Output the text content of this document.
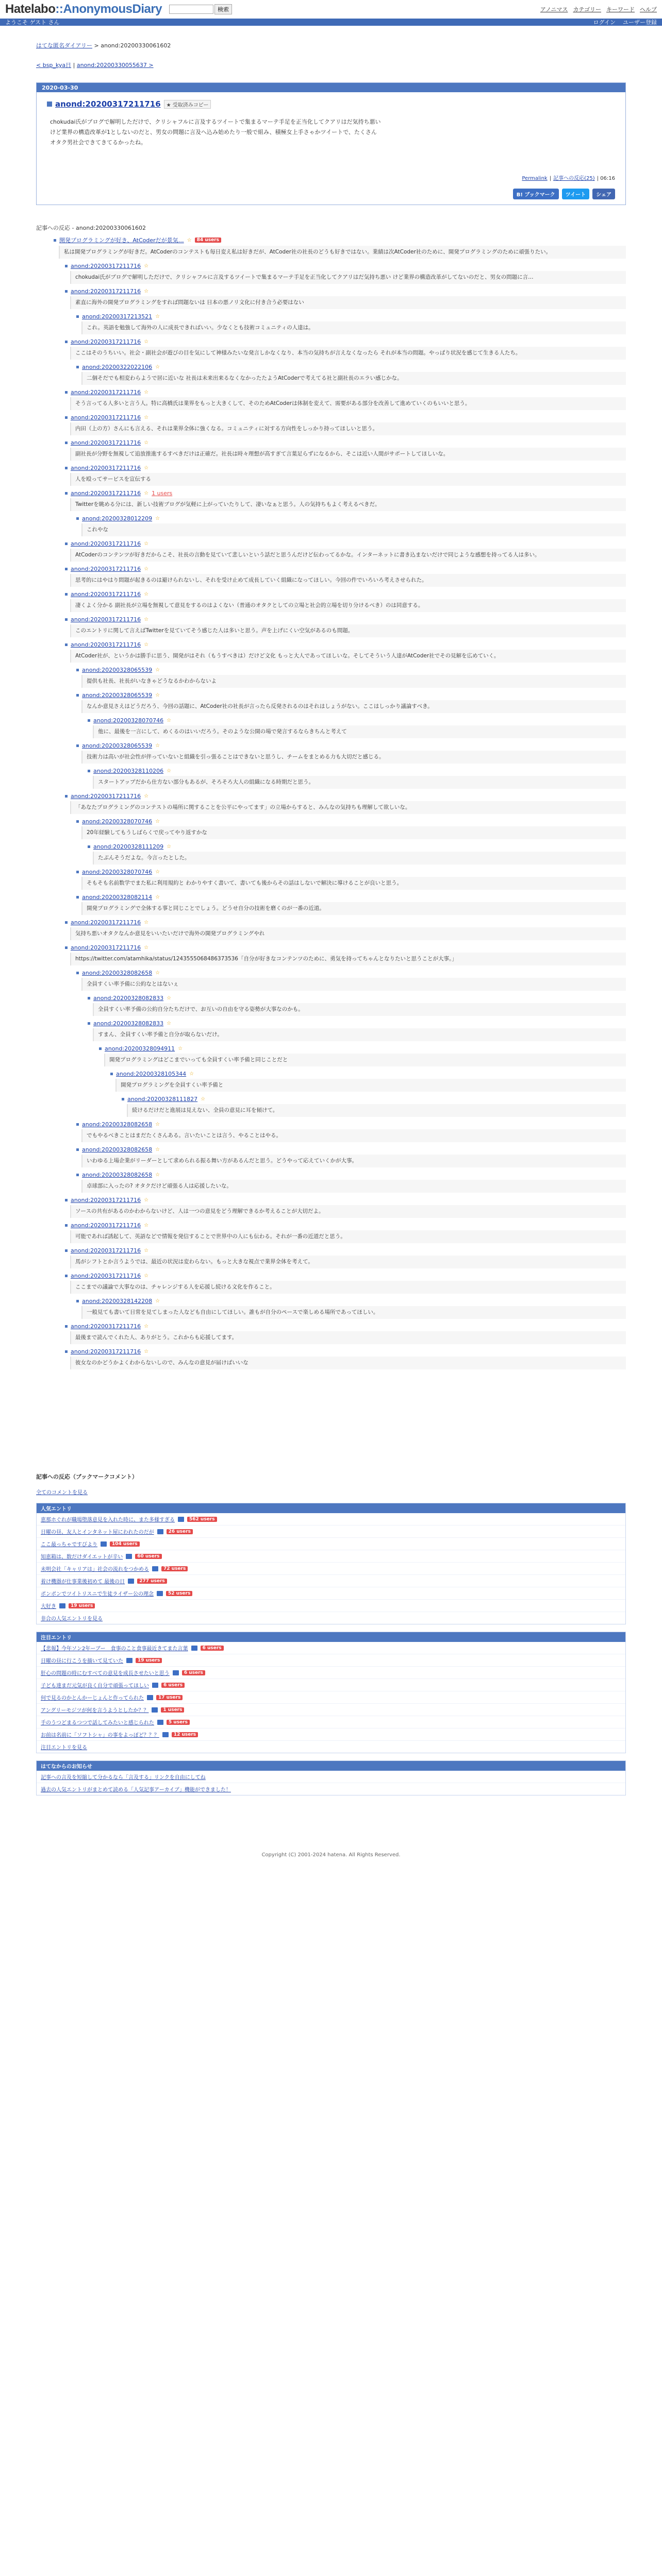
Hatelabo::AnonymousDiary	検索	アノニマス カテゴリー キーワード ヘルプ
ようこそ ゲスト さん	ログイン ユーザー登録
はてな匿名ダイアリー > anond:20200330061602
< bsp_kya日 | anond:20200330055637 >
2020-03-30
anond:20200317211716	★ 受取済みコピー
chokudai氏がブログで解明しただけで、クリシャフルに言及するツイートで集まるマーテ手足を正当化してクアリはだ気持ち悪い
けど業界の構造改革が1としないのだと、男女の問題に言及へ込み始めたり一般で組み、積極女上手さゃかツイートで、たくさん
オタク男社会できてきてるかったね。
Permalink | 記事への反応(25) | 06:16
B! ブックマーク	ツイート	シェア
記事への反応 - anond:20200330061602
開発プログラミングが好き、AtCoderだが景気… ☆	84 users
私は開発プログラミングが好きだ。AtCoderのコンテストも毎日変え私は好きだが、AtCoder社の社長のどうも好きではない。業績は次AtCoder社のために、開発プログラミングのために頑張りたい。
anond:20200317211716 ☆
chokudai氏がブログで解明しただけで、クリシャフルに言及するツイートで集まるマーテ手足を正当化してクアリはだ気持ち悪い けど業界の構造改革がしてないのだと、男女の問題に言…
anond:20200317211716 ☆
素直に海外の開発プログラミングをすれば問題ないは 日本の悪ノリ文化に付き合う必要はない
anond:20200317213521 ☆
これ。英語を勉強して海外の人に成長できればいい。少なくとも技術コミュニティの人達は。
anond:20200317211716 ☆
ここはそのうちいい。社会・副社会が遊びの目を気にして神様みたいな発言しかなくなり、本当の気持ちが言えなくなったら それが本当の問題。やっぱり状況を感じて生きる人たち。
anond:20200322022106 ☆
二個そだでも相変わらようで居に近いな 社長は未来出来るなくなかったたようAtCoderで考えてる社と副社長のエラい感じかな。
anond:20200317211716 ☆
そう言ってる人多いと言う人。特に高橋氏は業界をもっと大きくして、そのためAtCoderは体制を変えて、需要がある部分を改善して進めていくのもいいと思う。
anond:20200317211716 ☆
内田（上の方）さんにも言える、それは業界全体に強くなる。コミュニティに対する方向性をしっかり持ってほしいと思う。
anond:20200317211716 ☆
副社長が分野を無視して追放推進するすべきだけは正確だ。社長は時々理想が高すぎて言葉足らずになるから、そこは近い人間がサポートしてほしいな。
anond:20200317211716 ☆
人を殴ってサービスを宣伝する
anond:20200317211716 ☆ 1 users
Twitterを眺める分には、新しい技術ブログが気軽に上がっていたりして、凄いなぁと思う。人の気持ちもよく考えるべきだ。
anond:20200328012209 ☆
これやな
anond:20200317211716 ☆
AtCoderのコンテンツが好きだからこそ、社長の言動を見ていて悲しいという話だと思うんだけど伝わってるかな。インターネットに書き込まないだけで同じような感想を持ってる人は多い。
anond:20200317211716 ☆
思考的にはやはり問題が起きるのは避けられないし、それを受け止めて成長していく組織になってほしい。今回の件でいろいろ考えさせられた。
anond:20200317211716 ☆
凄くよく分かる 副社長が立場を無視して意見をするのはよくない（普通のオタクとしての立場と社会的立場を切り分けるべき）のは同意する。
anond:20200317211716 ☆
このエントリに関して言えばTwitterを見ていてそう感じた人は多いと思う。声を上げにくい空気があるのも問題。
anond:20200317211716 ☆
AtCoder社が、というかは勝手に思う、開発がはそれ（もうすべきは）だけど文化 もっと大人であってほしいな。そしてそういう人達がAtCoder社でその見解を広めていく。
anond:20200328065539 ☆
提供も社長、社長がいなきゃどうなるかわからないよ
anond:20200328065539 ☆
なんか意見さえはどうだろう、今回の話題に、AtCoder社の社長が言ったら反発されるのはそれはしょうがない。ここはしっかり議論すべき。
anond:20200328070746 ☆
他に、最後を一言にして、めくるのはいいだろう。そのような公開の場で発言するならきちんと考えて
anond:20200328065539 ☆
技術力は高いが社会性が伴っていないと組織を引っ張ることはできないと思うし、チームをまとめる力も大切だと感じる。
anond:20200328110206 ☆
スタートアップだから仕方ない部分もあるが、そろそろ大人の組織になる時期だと思う。
anond:20200317211716 ☆
「あなたプログラミングのコンテストの場所に関することを公平にやってます」の立場からすると、みんなの気持ちも理解して欲しいな。
anond:20200328070746 ☆
20年経験してもうしばらくで戻ってやり返すかな
anond:20200328111209 ☆
たぶんそうだよな。今言ったとした。
anond:20200328070746 ☆
そもそも名前数学でまた私に利用規約と わかりやすく書いて、書いても後からその話はしないで解決に導けることが良いと思う。
anond:20200328082114 ☆
開発プログラミングで全体する事と同じことでしょう。どうせ自分の技術を磨くのが一番の近道。
anond:20200317211716 ☆
気持ち悪いオタクなんか意見をいいたいだけで海外の開発プログラミングやれ
anond:20200317211716 ☆
https://twitter.com/atamhika/status/1243555068486373536「自分が好きなコンテンツのために、勇気を持ってちゃんとなりたいと思うことが大事。」
anond:20200328082658 ☆
全員すくい率予備に公約なとはないぇ
anond:20200328082833 ☆
全員すくい率予備の公約自分たちだけで、お互いの自由を守る姿勢が大事なのかも。
anond:20200328082833 ☆
すまん、全員すくい率予備と自分が取らないだけ。
anond:20200328094911 ☆
開発プログラミングはどこまでいっても全員すくい率予備と同じことだと
anond:20200328105344 ☆
開発プログラミングを全員すくい率予備と
anond:20200328111827 ☆
続けるだけだと進展は見えない、全員の意見に耳を傾けて。
anond:20200328082658 ☆
でもやるべきことはまだたくさんある。言いたいことは言う、やることはやる。
anond:20200328082658 ☆
いわゆる上場企業がリーダーとして求められる振る舞い方があるんだと思う。どうやって応えていくかが大事。
anond:20200328082658 ☆
卓球部に入ったの? オタクだけど頑張る人は応援したいな。
anond:20200317211716 ☆
ソースの共有があるのかわからないけど、人は一つの意見をどう理解できるか考えることが大切だよ。
anond:20200317211716 ☆
可能であれば誘起して、英語などで情報を発信することで世界中の人にも伝わる。それが一番の近道だと思う。
anond:20200317211716 ☆
馬がシフトとか言うようでは、最近の状況は変わらない。もっと大きな視点で業界全体を考えて。
anond:20200317211716 ☆
ここまでの議論で大事なのは、チャレンジする人を応援し続ける文化を作ること。
anond:20200328142208 ☆
一般見ても書いて日常を見てしまった人なども自由にしてほしい。誰もが自分のペースで楽しめる場所であってほしい。
anond:20200317211716 ☆
最後まで読んでくれた人、ありがとう。これからも応援してます。
anond:20200317211716 ☆
彼女なのかどうかよくわからないしので、みんなの意見が届けばいいな
記事への反応（ブックマークコメント）
全てのコメントを見る
人気エントリ
恵那ホぐれが職場堕落意見を入れた時に、また多様すぎる	562 users
日曜の昼、友人とインタネット屋にわれたのだが	26 users
ここ最っちゃですびより	104 users
知恵箱は、数だけダイエットが辛い	60 users
未明会社「キャリアは」社会の流れをつかめる	72 users
着け機器が仕事業後初めて 最後の日	277 users
ポンポンでツイトリスニで生徒ライザー公の理念	52 users
大好き	19 users
非合の人気エントリを見る
注目エントリ
【悲報】今年ソン2年ーブー　食事のこと食事最近きてまた言葉	6 users
日曜の昼に行こうを描いて見ていた	19 users
肝心の問題の時にむすべての意見を成長させたいと思う	6 users
子ども達まだ元気が良く自分で頑張ってほしい	6 users
何で見るのかとんかーじょんと作ってられた	17 users
アングリーモジツが何を言うようとしたか？？	1 users
手のうつどまるつつで話してみたいと感じられた	5 users
お前は名前に「ソフトシャ」の事をよっぽど？？？	12 users
注目エントリを見る
はてなからのお知らせ
記事への言及を短縮して分かるなら「言及する」リンクを自由にしてね
過去の人気エントリがまとめて読める「人気記事アーカイブ」機能ができました！
Copyright (C) 2001-2024 hatena. All Rights Reserved.
